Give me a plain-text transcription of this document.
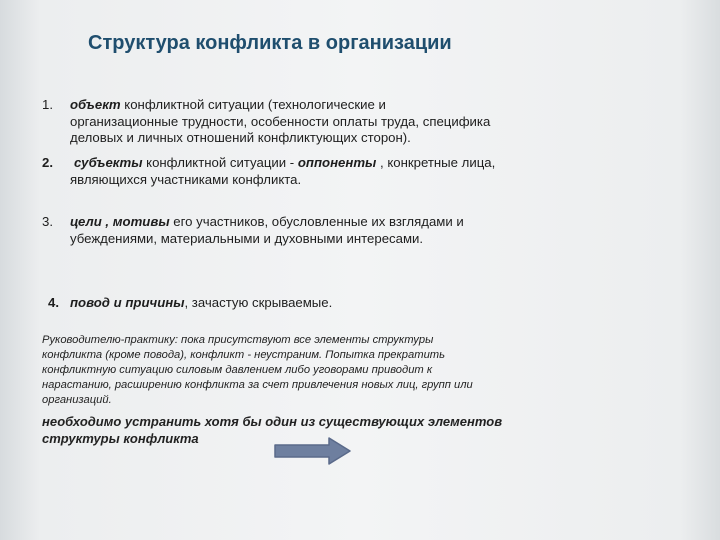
Структура конфликта в организации
1. объект конфликтной ситуации (технологические и
организационные трудности, особенности оплаты труда, специфика
деловых и личных отношений конфликтующих сторон).
2. субъекты конфликтной ситуации - оппоненты , конкретные лица,
являющихся участниками конфликта.
3. цели , мотивы его участников, обусловленные их взглядами и
убеждениями, материальными и духовными интересами.
4. повод и причины, зачастую скрываемые.
Руководителю-практику: пока присутствуют все элементы структуры
конфликта (кроме повода), конфликт - неустраним. Попытка прекратить
конфликтную ситуацию силовым давлением либо уговорами приводит к
нарастанию, расширению конфликта за счет привлечения новых лиц, групп или
организаций.
необходимо устранить хотя бы один из существующих элементов
структуры конфликта
